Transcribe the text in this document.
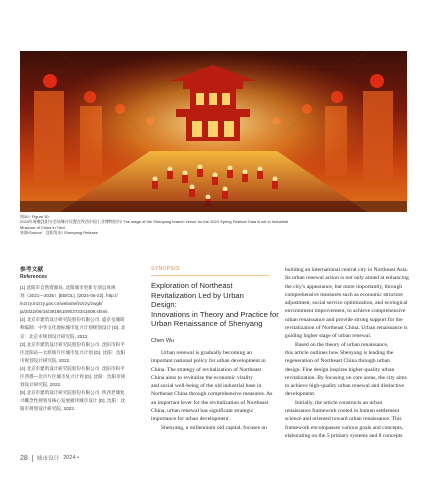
图30 / Figure 30
2024年春晚沈阳分会场舞台设置在铁西中国工业博物馆内/ The stage of the Shenyang branch venue for the 2024 Spring Festival Gala is set in Industrial
Museum of China in Tiexi
来源/Source：沈阳发布/ Shenyang Release
参考文献
References
[1] 沈阳市自然资源局. 沈阳城市更新专项总体规
划（2021—2035）[EB/OL]. [2024-05-22]. http://
lnzrzy.lnzrzy.gov.cn/website/lnzrzy/zwgk/
ja/2022/06/16/391861090373341608.shtml.
[2] 北京市建筑设计研究院股份有限公司. 盛京皇城简
称编制：中华文化地标城市复兴计划规划设计 [D]. 北
京：北京市规划设计研究院, 2022.
[3] 北京市建筑设计研究院股份有限公司. 沈阳市和平
区沈阳站—太原街片区城市复兴计划 [D]. 沈阳：沈阳
市规划设计研究院, 2022.
[4] 北京市建筑设计研究院股份有限公司. 沈阳市和平
区西塔—北市片区城市复兴计划 [D]. 沈阳：沈阳市规
划设计研究院, 2022.
[5] 北京市建筑设计研究院股份有限公司. 铁西老城复
兴概念性规划及核心发展板块城市设计 [D]. 沈阳：沈
阳市规划设计研究院, 2022.
SYNOPSIS
Exploration of Northeast
Revitalization Led by Urban
Design:
Innovations in Theory and Practice for
Urban Renaissance of Shenyang
Chen Wu
Urban renewal is gradually becoming an
important national policy for urban development in
China. The strategy of revitalization of Northeast
China aims to revitalize the economic vitality
and social well-being of the old industrial base in
Northeast China through comprehensive measures. As
an important lever for the revitalization of Northeast
China, urban renewal has significant strategic
importance for urban development.
Shenyang, a millennium old capital, focuses on
building an international central city in Northeast Asia.
Its urban renewal action is not only aimed at enhancing
the city’s appearance, but more importantly, through
comprehensive measures such as economic structure
adjustment, social service optimization, and ecological
environment improvement, to achieve comprehensive
urban renaissance and provide strong support for the
revitalization of Northeast China. Urban renaissance is
guiding higher stage of urban renewal.
Based on the theory of urban renaissance,
this article outlines how Shenyang is leading the
regeneration of Northeast China through urban
design. Fine design inspires higher-quality urban
revitalization. By focusing on core areas, the city aims
to achieve high-quality urban renewal and distinctive
development.
Initially, the article constructs an urban
renaissance framework rooted in human settlement
science and oriented toward urban renaissance. This
framework encompasses various goals and concepts,
elaborating on the 5 primary systems and 8 concepts
28 城市设计 2024 •
